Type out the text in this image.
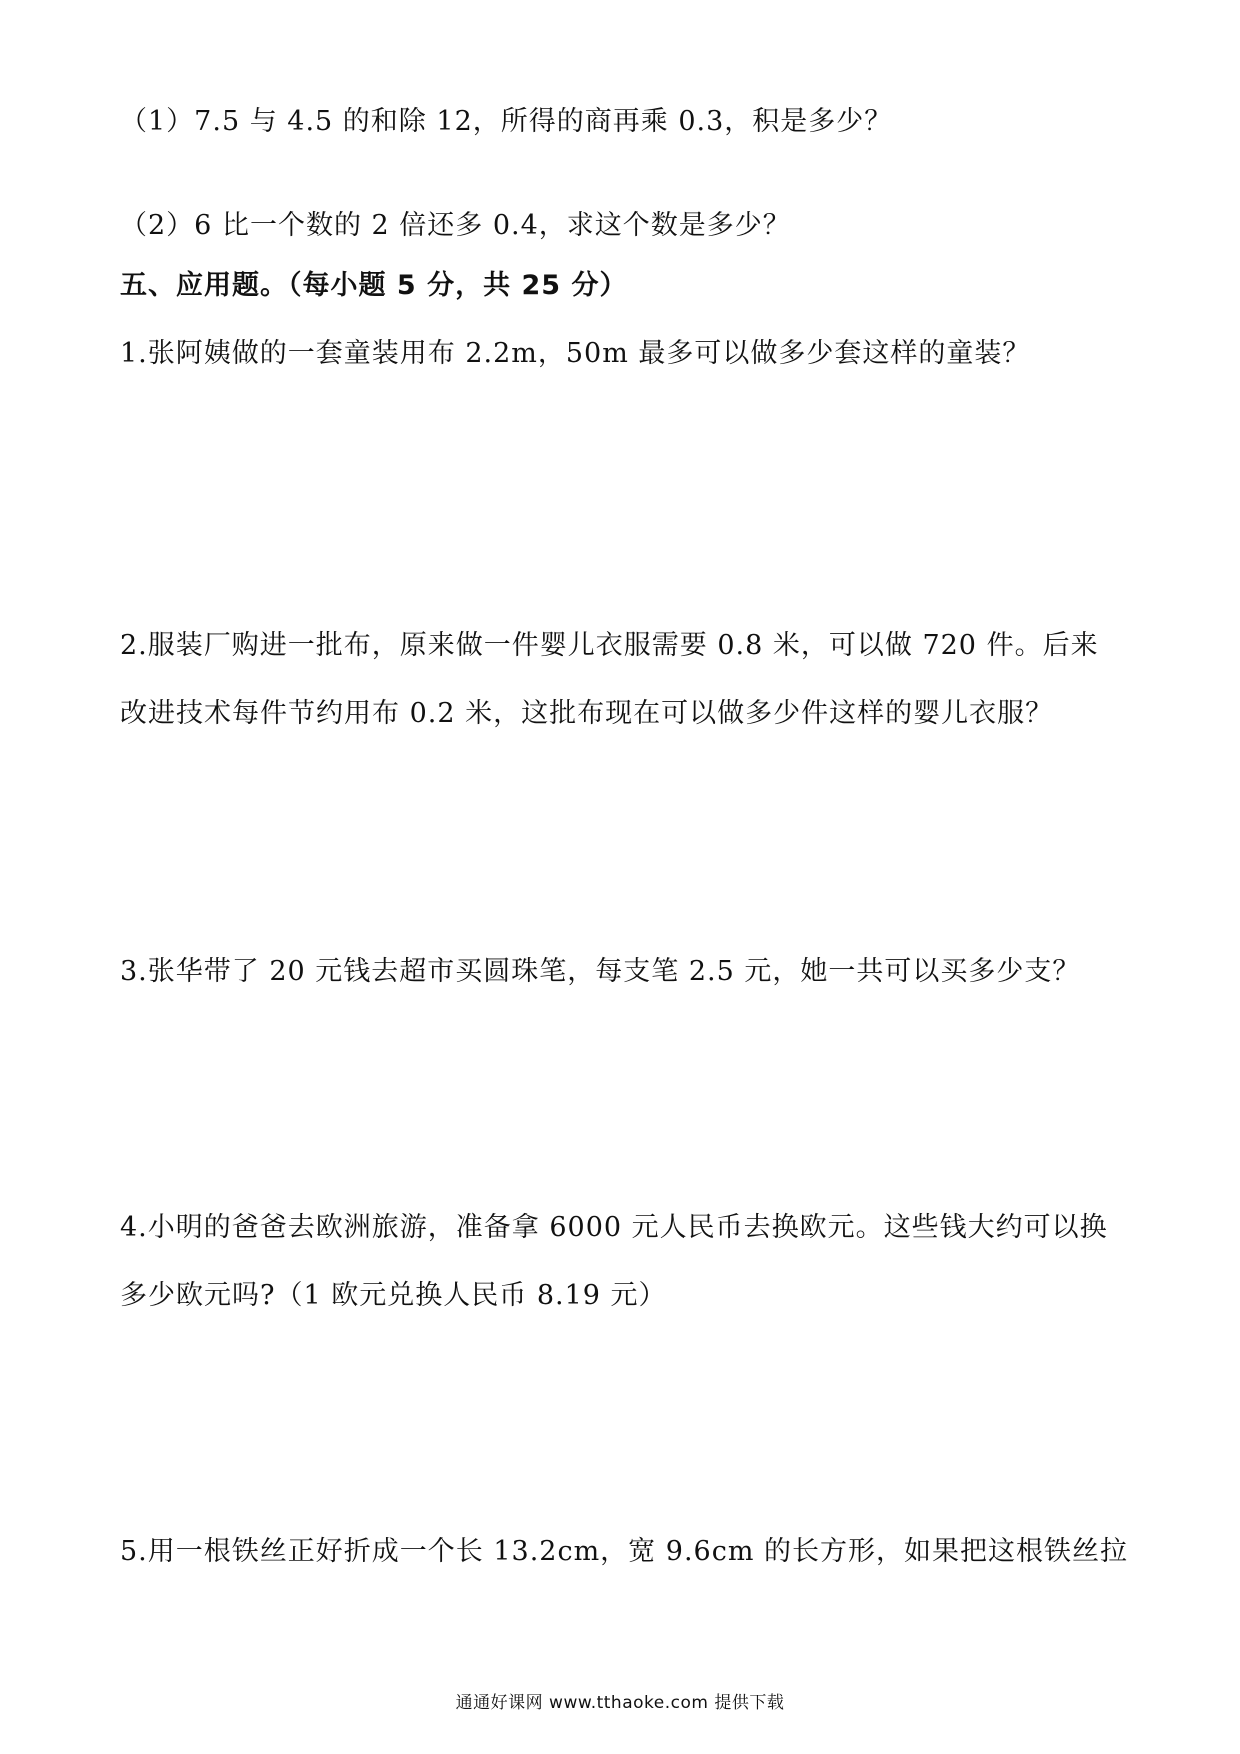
（1）7.5 与 4.5 的和除 12，所得的商再乘 0.3，积是多少？
（2）6 比一个数的 2 倍还多 0.4，求这个数是多少？
五、应用题。（每小题 5 分，共 25 分）
1.张阿姨做的一套童装用布 2.2m，50m 最多可以做多少套这样的童装？
2.服装厂购进一批布，原来做一件婴儿衣服需要 0.8 米，可以做 720 件。后来
改进技术每件节约用布 0.2 米，这批布现在可以做多少件这样的婴儿衣服？
3.张华带了 20 元钱去超市买圆珠笔，每支笔 2.5 元，她一共可以买多少支？
4.小明的爸爸去欧洲旅游，准备拿 6000 元人民币去换欧元。这些钱大约可以换
多少欧元吗?（1 欧元兑换人民币 8.19 元）
5.用一根铁丝正好折成一个长 13.2cm，宽 9.6cm 的长方形，如果把这根铁丝拉
通通好课网 www.tthaoke.com 提供下载
